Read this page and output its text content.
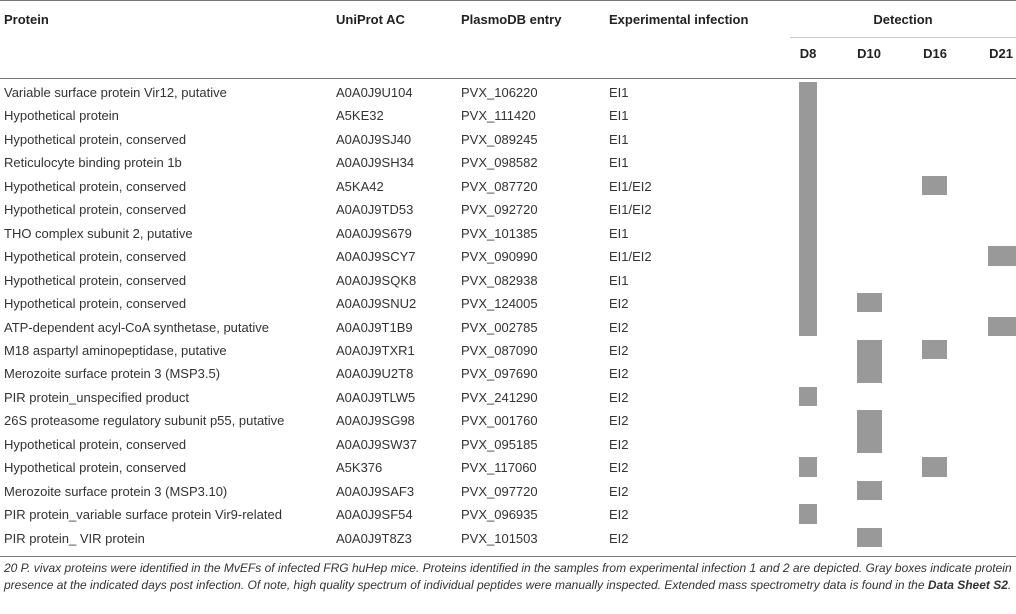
Protein	UniProt AC	PlasmoDB entry	Experimental infection	Detection
D8	D10	D16	D21
Variable surface protein Vir12, putative	A0A0J9U104	PVX_106220	EI1
Hypothetical protein	A5KE32	PVX_111420	EI1
Hypothetical protein, conserved	A0A0J9SJ40	PVX_089245	EI1
Reticulocyte binding protein 1b	A0A0J9SH34	PVX_098582	EI1
Hypothetical protein, conserved	A5KA42	PVX_087720	EI1/EI2
Hypothetical protein, conserved	A0A0J9TD53	PVX_092720	EI1/EI2
THO complex subunit 2, putative	A0A0J9S679	PVX_101385	EI1
Hypothetical protein, conserved	A0A0J9SCY7	PVX_090990	EI1/EI2
Hypothetical protein, conserved	A0A0J9SQK8	PVX_082938	EI1
Hypothetical protein, conserved	A0A0J9SNU2	PVX_124005	EI2
ATP-dependent acyl-CoA synthetase, putative	A0A0J9T1B9	PVX_002785	EI2
M18 aspartyl aminopeptidase, putative	A0A0J9TXR1	PVX_087090	EI2
Merozoite surface protein 3 (MSP3.5)	A0A0J9U2T8	PVX_097690	EI2
PIR protein_unspecified product	A0A0J9TLW5	PVX_241290	EI2
26S proteasome regulatory subunit p55, putative	A0A0J9SG98	PVX_001760	EI2
Hypothetical protein, conserved	A0A0J9SW37	PVX_095185	EI2
Hypothetical protein, conserved	A5K376	PVX_117060	EI2
Merozoite surface protein 3 (MSP3.10)	A0A0J9SAF3	PVX_097720	EI2
PIR protein_variable surface protein Vir9-related	A0A0J9SF54	PVX_096935	EI2
PIR protein_ VIR protein	A0A0J9T8Z3	PVX_101503	EI2
20 P. vivax proteins were identified in the MvEFs of infected FRG huHep mice. Proteins identified in the samples from experimental infection 1 and 2 are depicted. Gray boxes indicate protein presence at the indicated days post infection. Of note, high quality spectrum of individual peptides were manually inspected. Extended mass spectrometry data is found in the Data Sheet S2.
